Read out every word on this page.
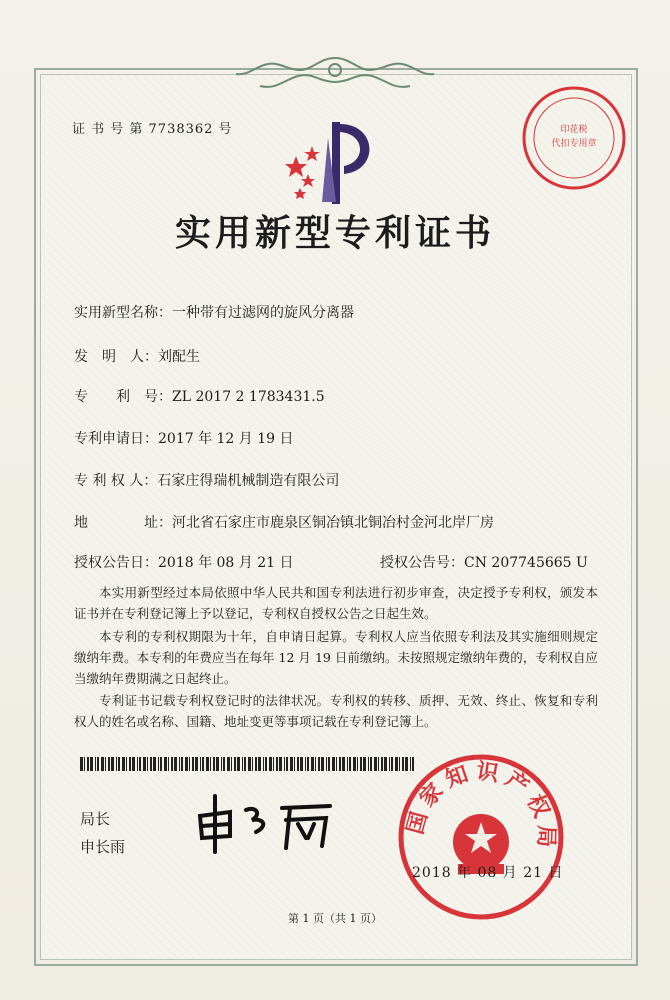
证 书 号 第 7738362 号	印花税
代扣专用章
实用新型专利证书
实用新型名称：一种带有过滤网的旋风分离器
发　明　人：刘配生
专　　利　号：ZL 2017 2 1783431.5
专利申请日：2017 年 12 月 19 日
专 利 权 人：石家庄得瑞机械制造有限公司
地　　　　址：河北省石家庄市鹿泉区铜冶镇北铜冶村金河北岸厂房
授权公告日：2018 年 08 月 21 日	授权公告号：CN 207745665 U
本实用新型经过本局依照中华人民共和国专利法进行初步审查，决定授予专利权，颁发本证书并在专利登记簿上予以登记，专利权自授权公告之日起生效。
本专利的专利权期限为十年，自申请日起算。专利权人应当依照专利法及其实施细则规定缴纳年费。本专利的年费应当在每年 12 月 19 日前缴纳。未按照规定缴纳年费的，专利权自应当缴纳年费期满之日起终止。
专利证书记载专利权登记时的法律状况。专利权的转移、质押、无效、终止、恢复和专利权人的姓名或名称、国籍、地址变更等事项记载在专利登记簿上。
局长
申长雨
国家知识产权局
2018 年 08 月 21 日
第 1 页（共 1 页）
